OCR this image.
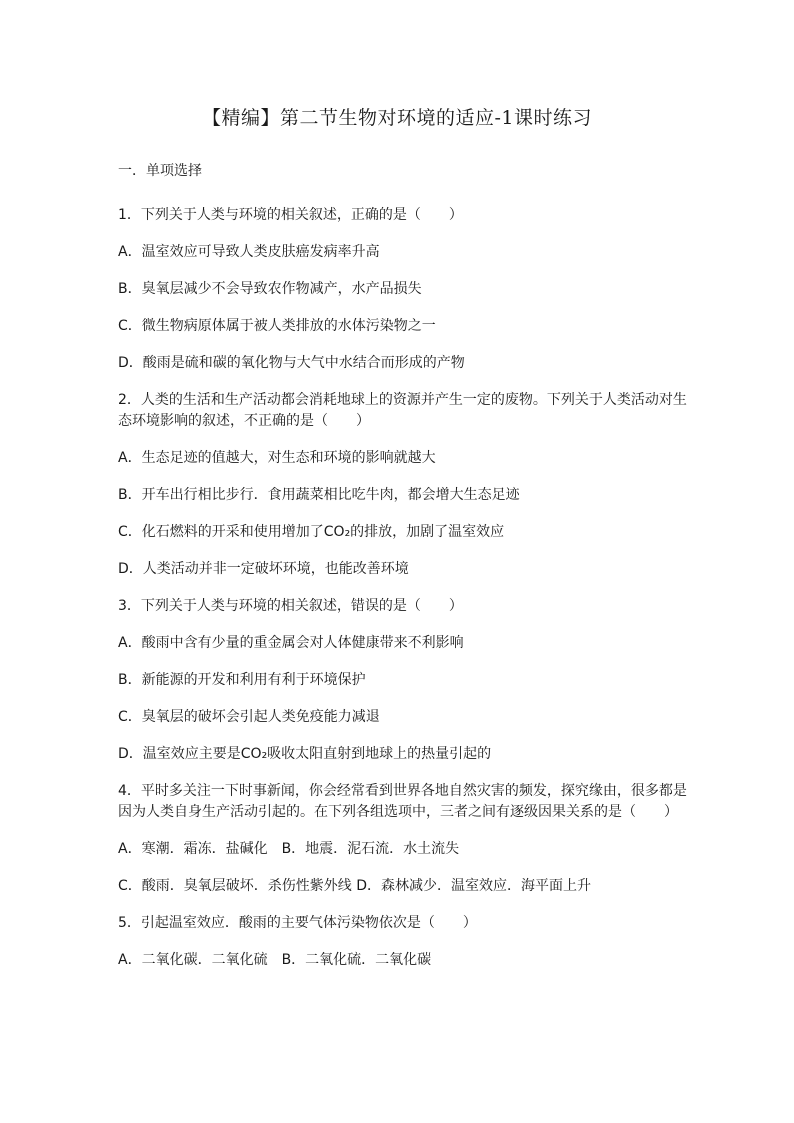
【精编】第二节生物对环境的适应-1课时练习
一．单项选择

1．下列关于人类与环境的相关叙述，正确的是（　　）

A．温室效应可导致人类皮肤癌发病率升高

B．臭氧层减少不会导致农作物减产，水产品损失

C．微生物病原体属于被人类排放的水体污染物之一

D．酸雨是硫和碳的氧化物与大气中水结合而形成的产物

2．人类的生活和生产活动都会消耗地球上的资源并产生一定的废物。下列关于人类活动对生态环境影响的叙述，不正确的是（　　）

A．生态足迹的值越大，对生态和环境的影响就越大

B．开车出行相比步行．食用蔬菜相比吃牛肉，都会增大生态足迹

C．化石燃料的开采和使用增加了CO₂的排放，加剧了温室效应

D．人类活动并非一定破坏环境，也能改善环境

3．下列关于人类与环境的相关叙述，错误的是（　　）

A．酸雨中含有少量的重金属会对人体健康带来不利影响

B．新能源的开发和利用有利于环境保护

C．臭氧层的破坏会引起人类免疫能力减退

D．温室效应主要是CO₂吸收太阳直射到地球上的热量引起的

4．平时多关注一下时事新闻，你会经常看到世界各地自然灾害的频发，探究缘由，很多都是因为人类自身生产活动引起的。在下列各组选项中，三者之间有逐级因果关系的是（　　）

A．寒潮．霜冻．盐碱化　B．地震．泥石流．水土流失

C．酸雨．臭氧层破坏．杀伤性紫外线 D．森林减少．温室效应．海平面上升

5．引起温室效应．酸雨的主要气体污染物依次是（　　）

A．二氧化碳．二氧化硫　B．二氧化硫．二氧化碳
